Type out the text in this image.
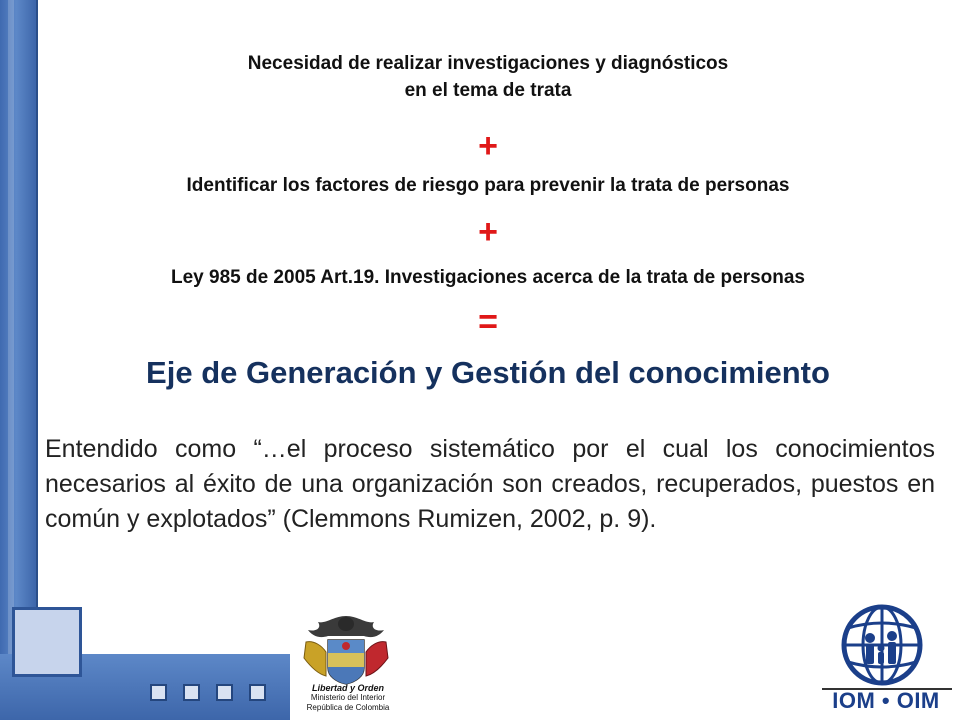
Necesidad de realizar investigaciones y diagnósticos
en el tema de trata
+
Identificar los factores de riesgo para prevenir la trata de personas
+
Ley 985 de 2005 Art.19. Investigaciones acerca de la trata de personas
=
Eje de Generación y Gestión del conocimiento
Entendido como “…el proceso sistemático por el cual los conocimientos necesarios al éxito de una organización son creados, recuperados, puestos en común y explotados” (Clemmons Rumizen, 2002, p. 9).
Libertad y Orden
Ministerio del Interior
República de Colombia	IOM • OIM
